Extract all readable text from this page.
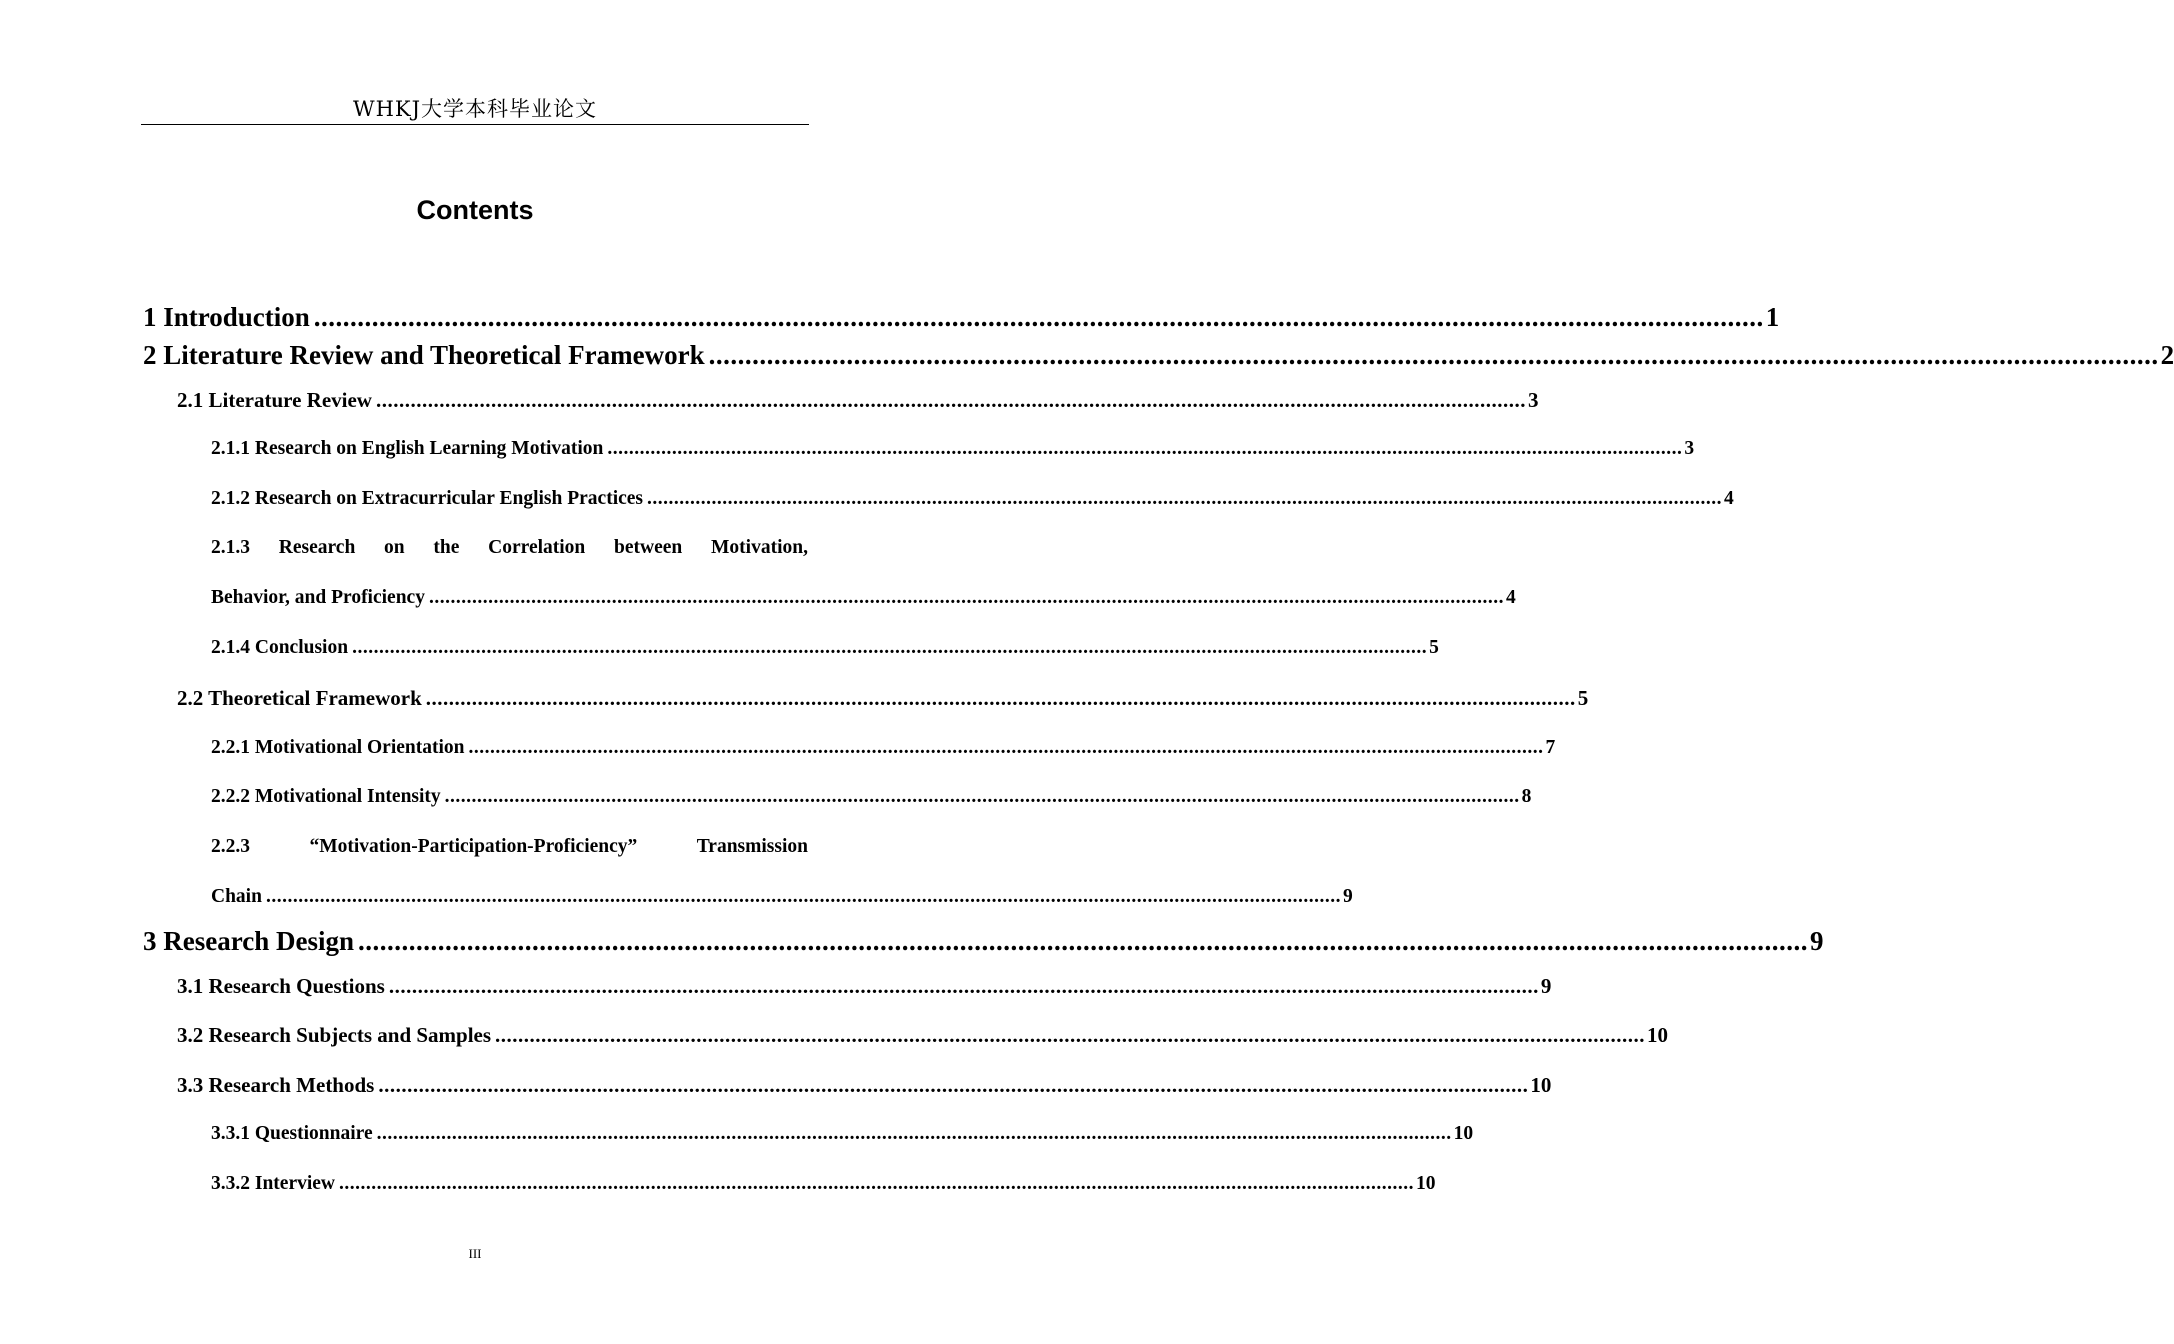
WHKJ大学本科毕业论文
Contents
1 Introduction ........................................................................................................................................................................................................ 1
2 Literature Review and Theoretical Framework ........................................................................................................................................................................................................ 2
2.1 Literature Review ........................................................................................................................................................................................................ 3
2.1.1 Research on English Learning Motivation ........................................................................................................................................................................................................ 3
2.1.2 Research on Extracurricular English Practices ........................................................................................................................................................................................................ 4
2.1.3 Research on the Correlation between Motivation,
Behavior, and Proficiency ........................................................................................................................................................................................................ 4
2.1.4 Conclusion ........................................................................................................................................................................................................ 5
2.2 Theoretical Framework ........................................................................................................................................................................................................ 5
2.2.1 Motivational Orientation ........................................................................................................................................................................................................ 7
2.2.2 Motivational Intensity ........................................................................................................................................................................................................ 8
2.2.3	“Motivation-Participation-Proficiency”	Transmission
Chain ........................................................................................................................................................................................................ 9
3 Research Design ........................................................................................................................................................................................................ 9
3.1 Research Questions ........................................................................................................................................................................................................ 9
3.2 Research Subjects and Samples ........................................................................................................................................................................................................ 10
3.3 Research Methods ........................................................................................................................................................................................................ 10
3.3.1 Questionnaire ........................................................................................................................................................................................................ 10
3.3.2 Interview ........................................................................................................................................................................................................ 10
III
